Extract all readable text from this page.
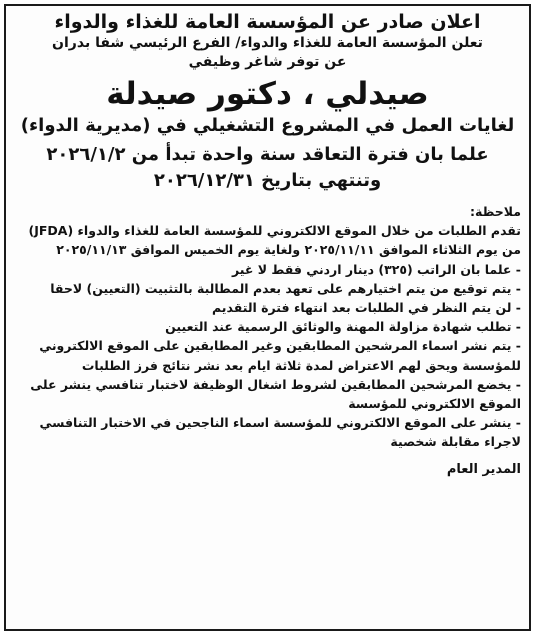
اعلان صادر عن المؤسسة العامة للغذاء والدواء
تعلن المؤسسة العامة للغذاء والدواء/ الفرع الرئيسي شفا بدران
عن توفر شاغر وظيفي
صيدلي ، دكتور صيدلة
لغايات العمل في المشروع التشغيلي في (مديرية الدواء)
علما بان فترة التعاقد سنة واحدة تبدأ من ٢٠٢٦/١/٢
وتنتهي بتاريخ ٢٠٢٦/١٢/٣١
ملاحظة:
تقدم الطلبات من خلال الموقع الالكتروني للمؤسسة العامة للغذاء والدواء (JFDA) من يوم الثلاثاء الموافق ٢٠٢٥/١١/١١ ولغاية يوم الخميس الموافق ٢٠٢٥/١١/١٣
- علما بان الراتب (٣٢٥) دينار اردني فقط لا غير
- يتم توقيع من يتم اختيارهم على تعهد بعدم المطالبة بالتثبيت (التعيين) لاحقا
- لن يتم النظر في الطلبات بعد انتهاء فترة التقديم
- تطلب شهادة مزاولة المهنة والوثائق الرسمية عند التعيين
- يتم نشر اسماء المرشحين المطابقين وغير المطابقين على الموقع الالكتروني للمؤسسة ويحق لهم الاعتراض لمدة ثلاثة ايام بعد نشر نتائج فرز الطلبات
- يخضع المرشحين المطابقين لشروط اشغال الوظيفة لاختبار تنافسي ينشر على الموقع الالكتروني للمؤسسة
- ينشر على الموقع الالكتروني للمؤسسة اسماء الناجحين في الاختبار التنافسي لاجراء مقابلة شخصية
المدير العام
